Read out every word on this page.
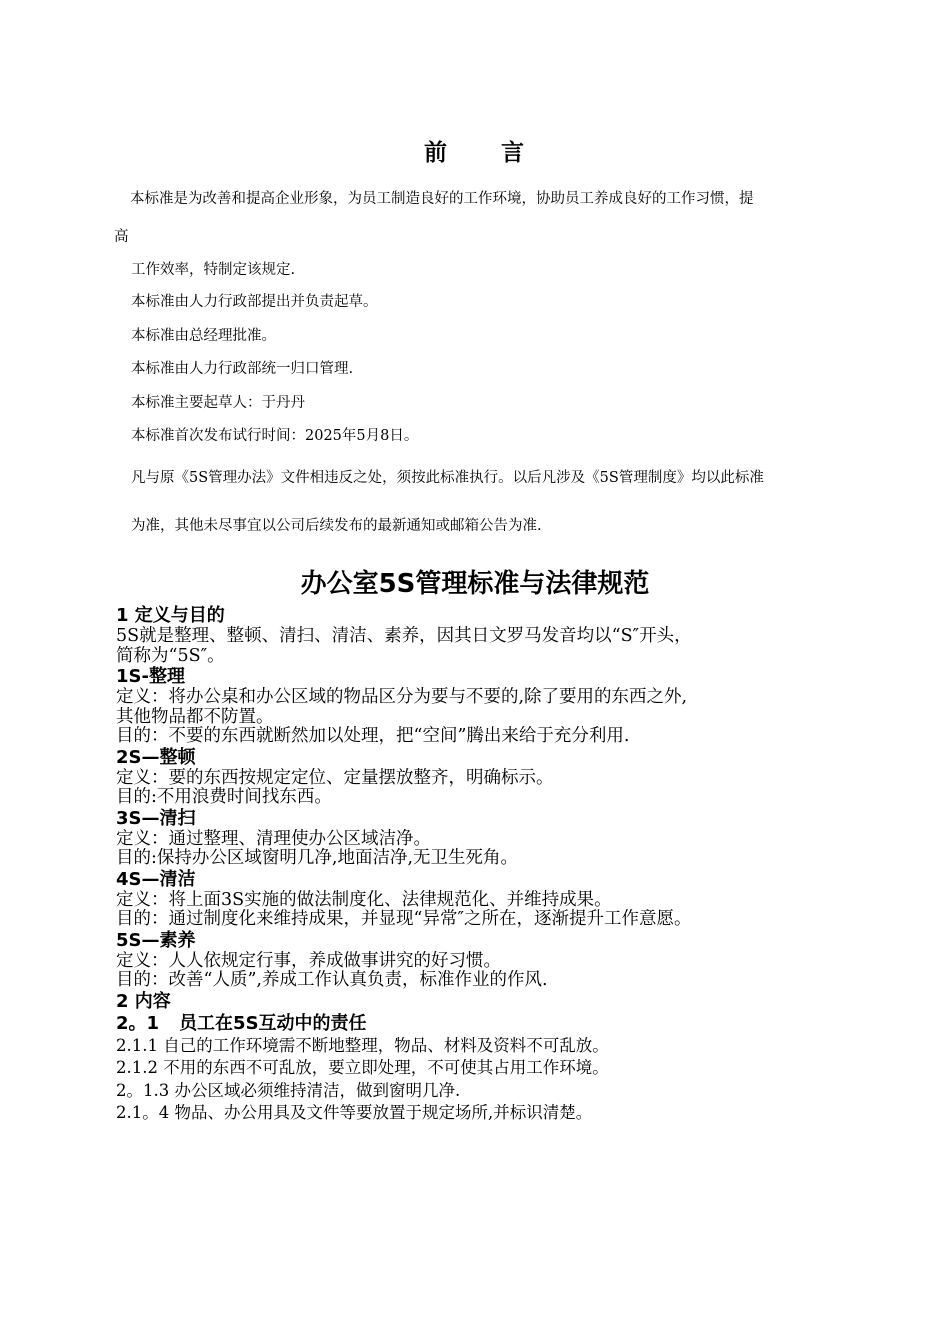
前 言
本标准是为改善和提高企业形象，为员工制造良好的工作环境，协助员工养成良好的工作习惯，提
高
工作效率，特制定该规定.
本标准由人力行政部提出并负责起草。
本标准由总经理批准。
本标准由人力行政部统一归口管理.
本标准主要起草人：于丹丹
本标准首次发布试行时间：2025年5月8日。
凡与原《5S管理办法》文件相违反之处，须按此标准执行。以后凡涉及《5S管理制度》均以此标准
为准，其他未尽事宜以公司后续发布的最新通知或邮箱公告为准.
办公室5S管理标准与法律规范
1 定义与目的
5S就是整理、整顿、清扫、清洁、素养，因其日文罗马发音均以“S″开头，
简称为“5S″。
1S-整理
定义：将办公桌和办公区域的物品区分为要与不要的,除了要用的东西之外,
其他物品都不防置。
目的：不要的东西就断然加以处理，把“空间”腾出来给于充分利用.
2S—整顿
定义：要的东西按规定定位、定量摆放整齐，明确标示。
目的:不用浪费时间找东西。
3S—清扫
定义：通过整理、清理使办公区域洁净。
目的:保持办公区域窗明几净,地面洁净,无卫生死角。
4S—清洁
定义：将上面3S实施的做法制度化、法律规范化、并维持成果。
目的：通过制度化来维持成果，并显现“异常″之所在，逐渐提升工作意愿。
5S—素养
定义：人人依规定行事，养成做事讲究的好习惯。
目的：改善“人质”,养成工作认真负责，标准作业的作风.
2 内容
2。1 员工在5S互动中的责任
2.1.1 自己的工作环境需不断地整理，物品、材料及资料不可乱放。
2.1.2 不用的东西不可乱放，要立即处理，不可使其占用工作环境。
2。1.3 办公区域必须维持清洁，做到窗明几净.
2.1。4 物品、办公用具及文件等要放置于规定场所,并标识清楚。
